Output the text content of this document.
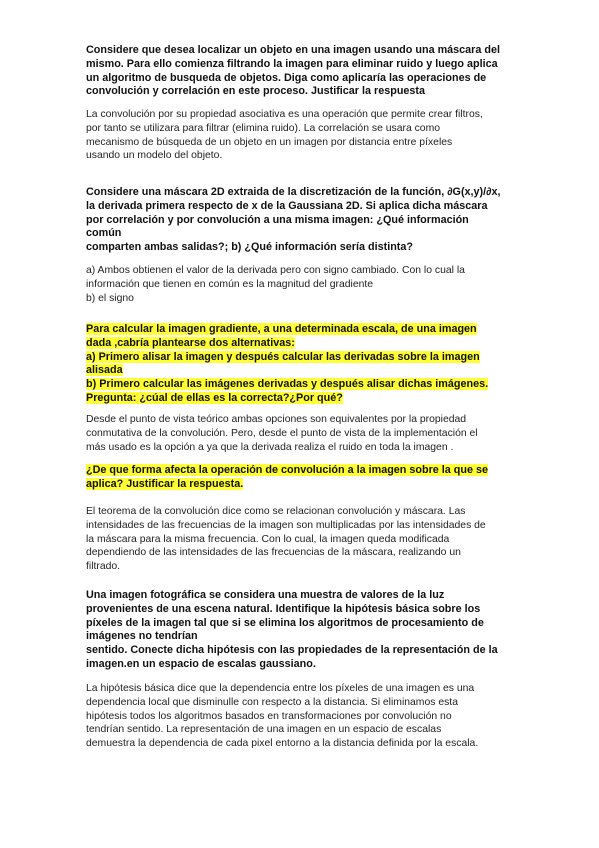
Considere que desea localizar un objeto en una imagen usando una máscara del
mismo. Para ello comienza filtrando la imagen para eliminar ruido y luego aplica
un algoritmo de busqueda de objetos. Diga como aplicaría las operaciones de
convolución y correlación en este proceso. Justificar la respuesta
La convolución por su propiedad asociativa es una operación que permite crear filtros,
por tanto se utilizara para filtrar (elimina ruido). La correlación se usara como
mecanismo de búsqueda de un objeto en un imagen por distancia entre píxeles
usando un modelo del objeto.
Considere una máscara 2D extraida de la discretización de la función, ∂G(x,y)/∂x,
la derivada primera respecto de x de la Gaussiana 2D. Si aplica dicha máscara
por correlación y por convolución a una misma imagen: ¿Qué información
común
comparten ambas salidas?; b) ¿Qué información sería distinta?
a) Ambos obtienen el valor de la derivada pero con signo cambiado. Con lo cual la
información que tienen en común es la magnitud del gradiente
b) el signo
Para calcular la imagen gradiente, a una determinada escala, de una imagen
dada ,cabría plantearse dos alternativas:
a) Primero alisar la imagen y después calcular las derivadas sobre la imagen
alisada
b) Primero calcular las imágenes derivadas y después alisar dichas imágenes.
Pregunta: ¿cúal de ellas es la correcta?¿Por qué?
Desde el punto de vista teórico ambas opciones son equivalentes por la propiedad
conmutativa de la convolución. Pero, desde el punto de vista de la implementación el
más usado es la opción a ya que la derivada realiza el ruido en toda la imagen .
¿De que forma afecta la operación de convolución a la imagen sobre la que se
aplica? Justificar la respuesta.
El teorema de la convolución dice como se relacionan convolución y máscara. Las
intensidades de las frecuencias de la imagen son multiplicadas por las intensidades de
la máscara para la misma frecuencia. Con lo cual, la imagen queda modificada
dependiendo de las intensidades de las frecuencias de la máscara, realizando un
filtrado.
Una imagen fotográfica se considera una muestra de valores de la luz
provenientes de una escena natural. Identifique la hipótesis básica sobre los
píxeles de la imagen tal que si se elimina los algoritmos de procesamiento de
imágenes no tendrían
sentido. Conecte dicha hipótesis con las propiedades de la representación de la
imagen.en un espacio de escalas gaussiano.
La hipótesis básica dice que la dependencia entre los píxeles de una imagen es una
dependencia local que disminulle con respecto a la distancia. Si eliminamos esta
hipótesis todos los algoritmos basados en transformaciones por convolución no
tendrían sentido. La representación de una imagen en un espacio de escalas
demuestra la dependencia de cada pixel entorno a la distancia definida por la escala.
